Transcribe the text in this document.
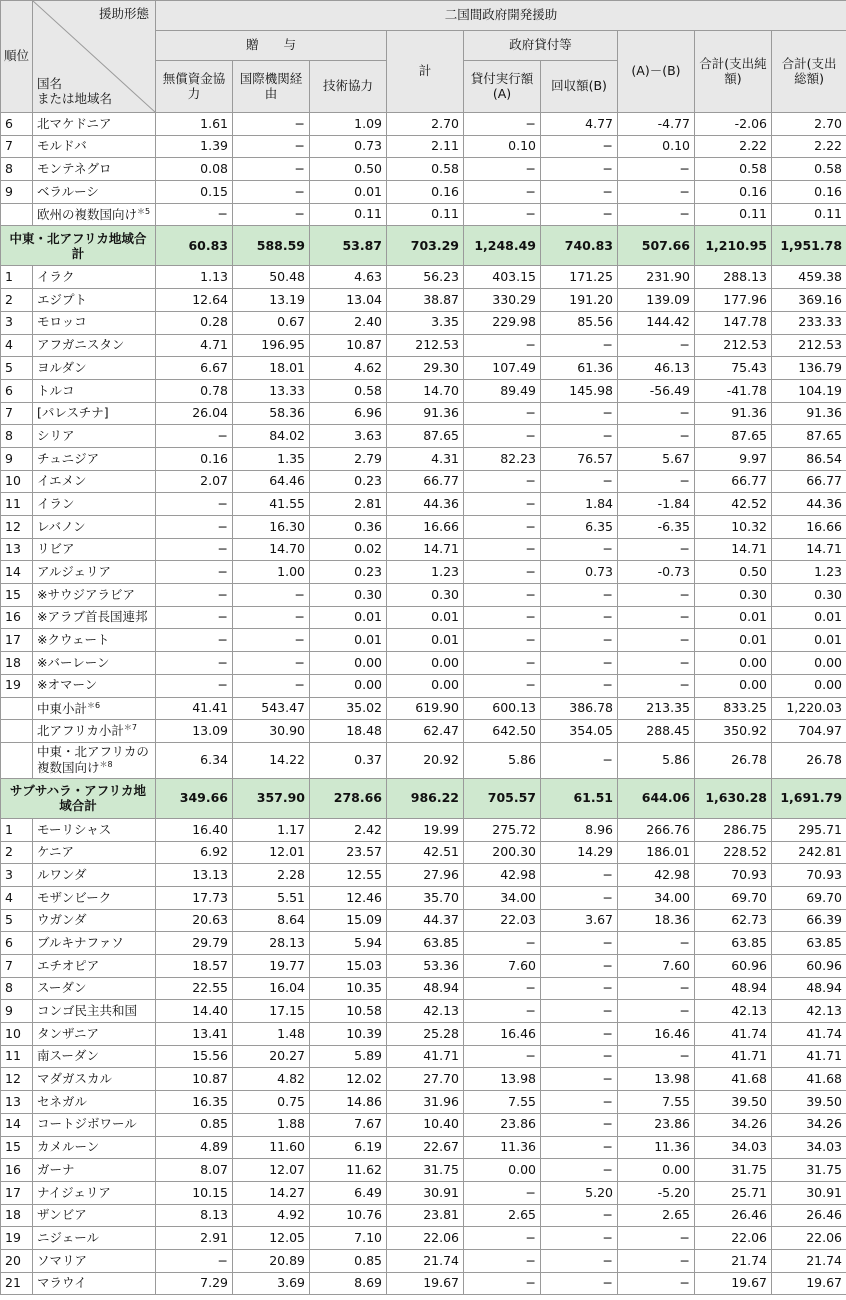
順位	援助形態
国名
または地域名	二国間政府開発援助								
		贈　　与			計	政府貸付等		(A)－(B)	合計(支出純額)	合計(支出総額)
		無償資金協力	国際機関経由	技術協力		貸付実行額(A)	回収額(B)			
6	北マケドニア	1.61	−	1.09	2.70	−	4.77	-4.77	-2.06	2.70
7	モルドバ	1.39	−	0.73	2.11	0.10	−	0.10	2.22	2.22
8	モンテネグロ	0.08	−	0.50	0.58	−	−	−	0.58	0.58
9	ベラルーシ	0.15	−	0.01	0.16	−	−	−	0.16	0.16
	欧州の複数国向け$^{*5}$	−	−	0.11	0.11	−	−	−	0.11	0.11
中東・北アフリカ地域合計		60.83	588.59	53.87	703.29	1,248.49	740.83	507.66	1,210.95	1,951.78
1	イラク	1.13	50.48	4.63	56.23	403.15	171.25	231.90	288.13	459.38
2	エジプト	12.64	13.19	13.04	38.87	330.29	191.20	139.09	177.96	369.16
3	モロッコ	0.28	0.67	2.40	3.35	229.98	85.56	144.42	147.78	233.33
4	アフガニスタン	4.71	196.95	10.87	212.53	−	−	−	212.53	212.53
5	ヨルダン	6.67	18.01	4.62	29.30	107.49	61.36	46.13	75.43	136.79
6	トルコ	0.78	13.33	0.58	14.70	89.49	145.98	-56.49	-41.78	104.19
7	[パレスチナ]	26.04	58.36	6.96	91.36	−	−	−	91.36	91.36
8	シリア	−	84.02	3.63	87.65	−	−	−	87.65	87.65
9	チュニジア	0.16	1.35	2.79	4.31	82.23	76.57	5.67	9.97	86.54
10	イエメン	2.07	64.46	0.23	66.77	−	−	−	66.77	66.77
11	イラン	−	41.55	2.81	44.36	−	1.84	-1.84	42.52	44.36
12	レバノン	−	16.30	0.36	16.66	−	6.35	-6.35	10.32	16.66
13	リビア	−	14.70	0.02	14.71	−	−	−	14.71	14.71
14	アルジェリア	−	1.00	0.23	1.23	−	0.73	-0.73	0.50	1.23
15	※サウジアラビア	−	−	0.30	0.30	−	−	−	0.30	0.30
16	※アラブ首長国連邦	−	−	0.01	0.01	−	−	−	0.01	0.01
17	※クウェート	−	−	0.01	0.01	−	−	−	0.01	0.01
18	※バーレーン	−	−	0.00	0.00	−	−	−	0.00	0.00
19	※オマーン	−	−	0.00	0.00	−	−	−	0.00	0.00
	中東小計$^{*6}$	41.41	543.47	35.02	619.90	600.13	386.78	213.35	833.25	1,220.03
	北アフリカ小計$^{*7}$	13.09	30.90	18.48	62.47	642.50	354.05	288.45	350.92	704.97
	中東・北アフリカの複数国向け$^{*8}$	6.34	14.22	0.37	20.92	5.86	−	5.86	26.78	26.78
サブサハラ・アフリカ地域合計		349.66	357.90	278.66	986.22	705.57	61.51	644.06	1,630.28	1,691.79
1	モーリシャス	16.40	1.17	2.42	19.99	275.72	8.96	266.76	286.75	295.71
2	ケニア	6.92	12.01	23.57	42.51	200.30	14.29	186.01	228.52	242.81
3	ルワンダ	13.13	2.28	12.55	27.96	42.98	−	42.98	70.93	70.93
4	モザンビーク	17.73	5.51	12.46	35.70	34.00	−	34.00	69.70	69.70
5	ウガンダ	20.63	8.64	15.09	44.37	22.03	3.67	18.36	62.73	66.39
6	ブルキナファソ	29.79	28.13	5.94	63.85	−	−	−	63.85	63.85
7	エチオピア	18.57	19.77	15.03	53.36	7.60	−	7.60	60.96	60.96
8	スーダン	22.55	16.04	10.35	48.94	−	−	−	48.94	48.94
9	コンゴ民主共和国	14.40	17.15	10.58	42.13	−	−	−	42.13	42.13
10	タンザニア	13.41	1.48	10.39	25.28	16.46	−	16.46	41.74	41.74
11	南スーダン	15.56	20.27	5.89	41.71	−	−	−	41.71	41.71
12	マダガスカル	10.87	4.82	12.02	27.70	13.98	−	13.98	41.68	41.68
13	セネガル	16.35	0.75	14.86	31.96	7.55	−	7.55	39.50	39.50
14	コートジボワール	0.85	1.88	7.67	10.40	23.86	−	23.86	34.26	34.26
15	カメルーン	4.89	11.60	6.19	22.67	11.36	−	11.36	34.03	34.03
16	ガーナ	8.07	12.07	11.62	31.75	0.00	−	0.00	31.75	31.75
17	ナイジェリア	10.15	14.27	6.49	30.91	−	5.20	-5.20	25.71	30.91
18	ザンビア	8.13	4.92	10.76	23.81	2.65	−	2.65	26.46	26.46
19	ニジェール	2.91	12.05	7.10	22.06	−	−	−	22.06	22.06
20	ソマリア	−	20.89	0.85	21.74	−	−	−	21.74	21.74
21	マラウイ	7.29	3.69	8.69	19.67	−	−	−	19.67	19.67
